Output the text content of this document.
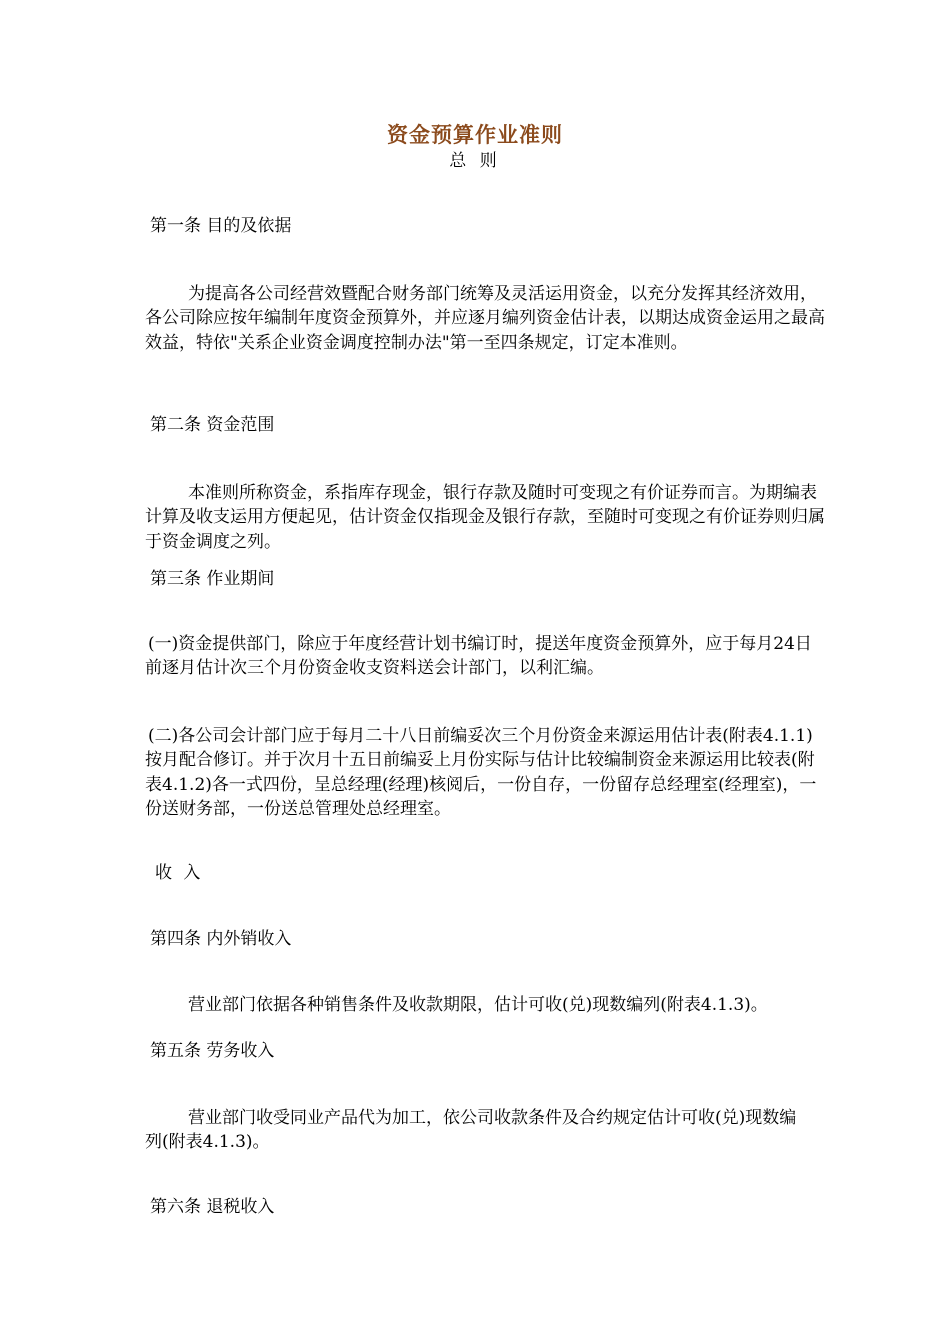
资金预算作业准则
总 则
第一条 目的及依据

为提高各公司经营效暨配合财务部门统筹及灵活运用资金，以充分发挥其经济效用，各公司除应按年编制年度资金预算外，并应逐月编列资金估计表，以期达成资金运用之最高效益，特依"关系企业资金调度控制办法"第一至四条规定，订定本准则。

第二条 资金范围

本准则所称资金，系指库存现金，银行存款及随时可变现之有价证券而言。为期编表计算及收支运用方便起见，估计资金仅指现金及银行存款，至随时可变现之有价证券则归属于资金调度之列。

第三条 作业期间

(一)资金提供部门，除应于年度经营计划书编订时，提送年度资金预算外，应于每月24日前逐月估计次三个月份资金收支资料送会计部门，以利汇编。

(二)各公司会计部门应于每月二十八日前编妥次三个月份资金来源运用估计表(附表4.1.1)按月配合修订。并于次月十五日前编妥上月份实际与估计比较编制资金来源运用比较表(附表4.1.2)各一式四份，呈总经理(经理)核阅后，一份自存，一份留存总经理室(经理室)，一份送财务部，一份送总管理处总经理室。

收 入
第四条 内外销收入

营业部门依据各种销售条件及收款期限，估计可收(兑)现数编列(附表4.1.3)。

第五条 劳务收入

营业部门收受同业产品代为加工，依公司收款条件及合约规定估计可收(兑)现数编列(附表4.1.3)。

第六条 退税收入
